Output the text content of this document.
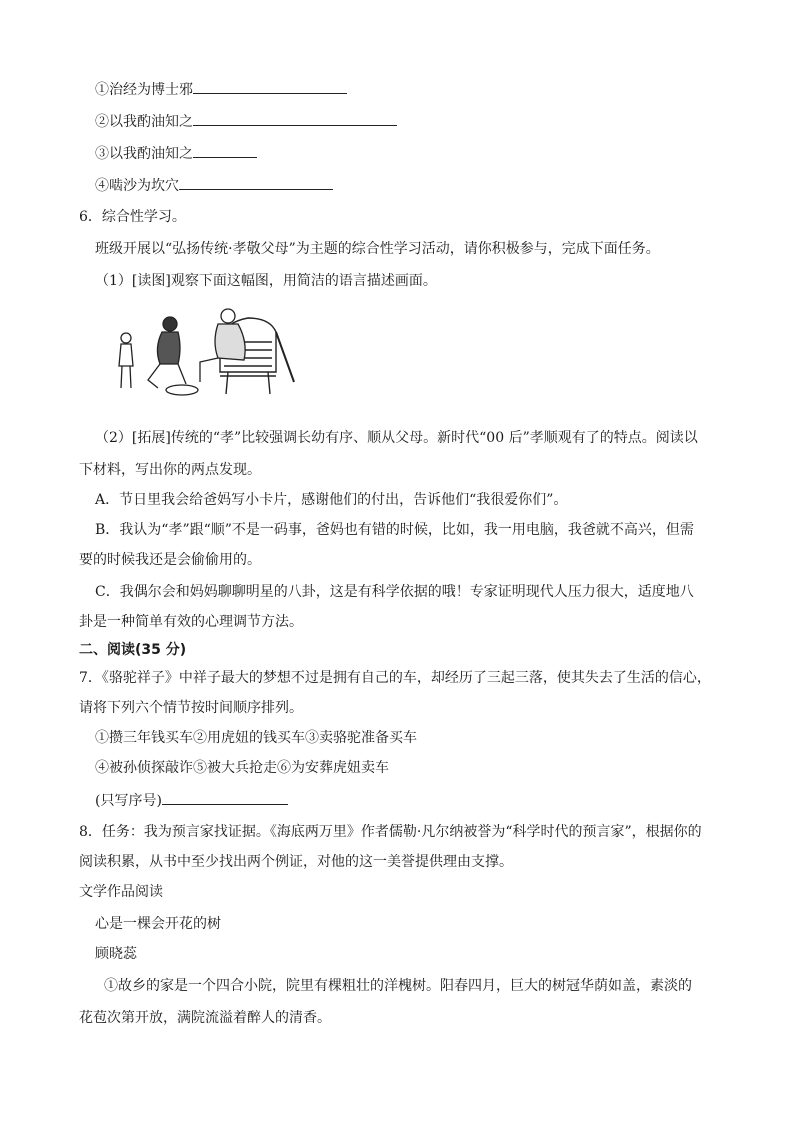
①治经为博士邪
②以我酌油知之
③以我酌油知之
④啮沙为坎穴
6．综合性学习。
班级开展以“弘扬传统·孝敬父母”为主题的综合性学习活动，请你积极参与，完成下面任务。
（1）[读图]观察下面这幅图，用简洁的语言描述画面。
（2）[拓展]传统的“孝”比较强调长幼有序、顺从父母。新时代“00 后”孝顺观有了的特点。阅读以
下材料，写出你的两点发现。
A．节日里我会给爸妈写小卡片，感谢他们的付出，告诉他们“我很爱你们”。
B．我认为“孝”跟“顺”不是一码事，爸妈也有错的时候，比如，我一用电脑，我爸就不高兴，但需
要的时候我还是会偷偷用的。
C．我偶尔会和妈妈聊聊明星的八卦，这是有科学依据的哦！专家证明现代人压力很大，适度地八
卦是一种简单有效的心理调节方法。
二、阅读(35 分)
7．《骆驼祥子》中祥子最大的梦想不过是拥有自己的车，却经历了三起三落，使其失去了生活的信心，
请将下列六个情节按时间顺序排列。
①攒三年钱买车②用虎妞的钱买车③卖骆驼准备买车
④被孙侦探敲诈⑤被大兵抢走⑥为安葬虎妞卖车
(只写序号)
8．任务：我为预言家找证据。《海底两万里》作者儒勒·凡尔纳被誉为“科学时代的预言家”，根据你的
阅读积累，从书中至少找出两个例证，对他的这一美誉提供理由支撑。
文学作品阅读
心是一棵会开花的树
顾晓蕊
①故乡的家是一个四合小院，院里有棵粗壮的洋槐树。阳春四月，巨大的树冠华荫如盖，素淡的
花苞次第开放，满院流溢着醉人的清香。
